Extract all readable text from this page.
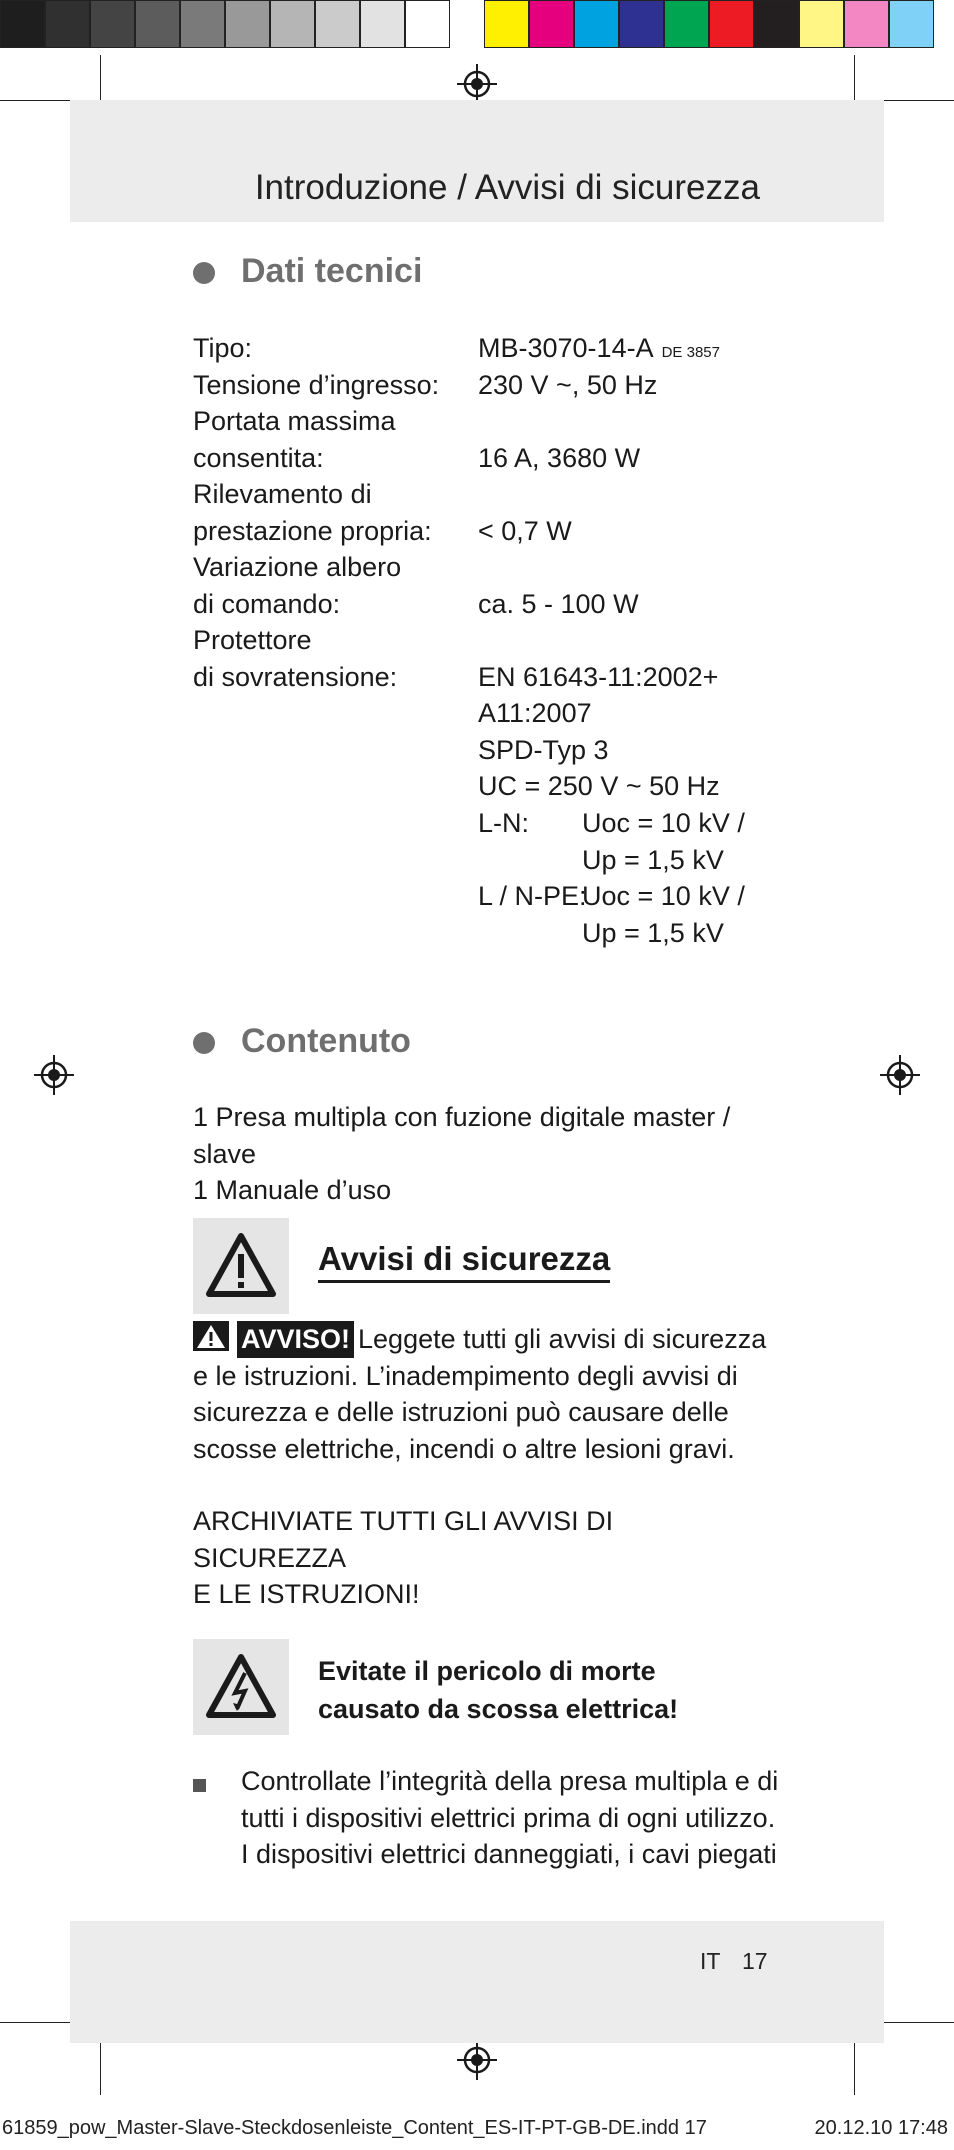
Introduzione / Avvisi di sicurezza
Dati tecnici
Tipo:
Tensione d’ingresso:
Portata massima
consentita:
Rilevamento di
prestazione propria:
Variazione albero
di comando:
Protettore
di sovratensione:
MB-3070-14-A DE 3857
230 V ~, 50 Hz
16 A, 3680 W
< 0,7 W
ca. 5 - 100 W
EN 61643-11:2002+
A11:2007
SPD-Typ 3
UC = 250 V ~ 50 Hz
L-N: Uoc = 10 kV /
Up = 1,5 kV
L / N-PE:Uoc = 10 kV /
Up = 1,5 kV
Contenuto
1 Presa multipla con fuzione digitale master / slave
1 Manuale d’uso
Avvisi di sicurezza
AVVISO! Leggete tutti gli avvisi di sicurezza
e le istruzioni. L’inadempimento degli avvisi di
sicurezza e delle istruzioni può causare delle
scosse elettriche, incendi o altre lesioni gravi.
ARCHIVIATE TUTTI GLI AVVISI DI SICUREZZA
E LE ISTRUZIONI!
Evitate il pericolo di morte
causato da scossa elettrica!
Controllate l’integrità della presa multipla e di
tutti i dispositivi elettrici prima di ogni utilizzo.
I dispositivi elettrici danneggiati, i cavi piegati
IT 17
61859_pow_Master-Slave-Steckdosenleiste_Content_ES-IT-PT-GB-DE.indd 17	20.12.10 17:48
